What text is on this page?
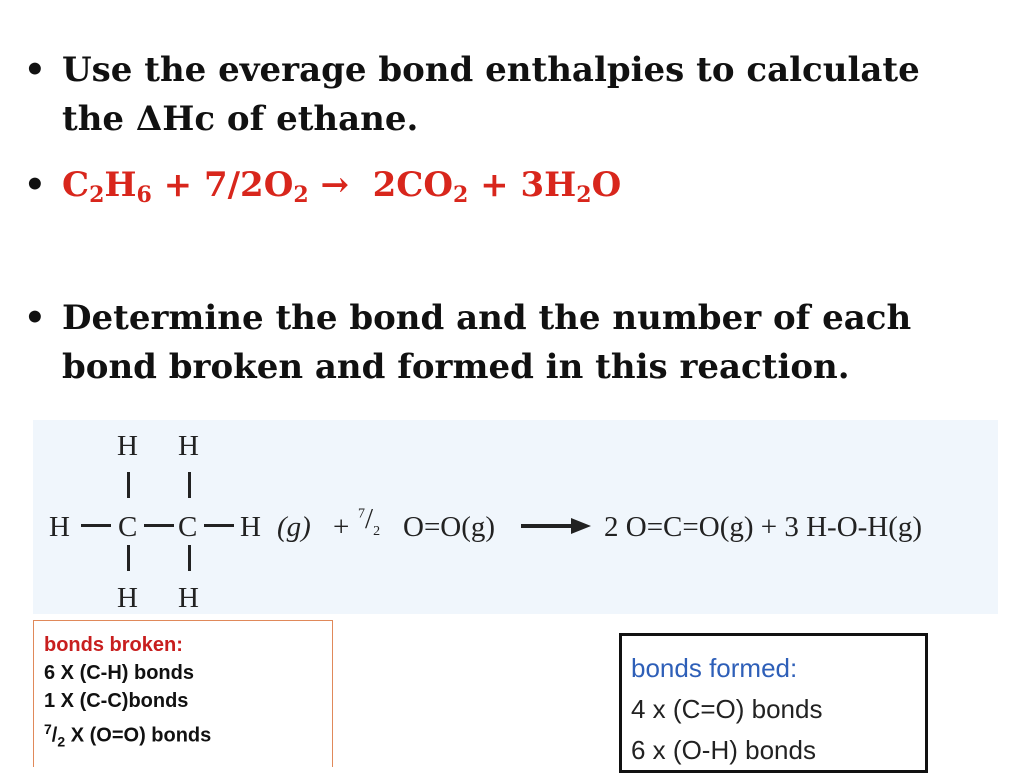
• Use the everage bond enthalpies to calculate
the ΔHc of ethane.
• $C_2H_6 + 7/2O_2 \to 2CO_2 + 3H_2O$
• Determine the bond and the number of each
bond broken and formed in this reaction.
H H
H C C H $(g) + ^7/_2$ O=O(g)	2 O=C=O(g) + 3 H-O-H(g)
H H
bonds broken:
6 X (C-H) bonds
1 X (C-C)bonds
$^7/_2$ X (O=O) bonds
bonds formed:
4 x (C=O) bonds
6 x (O-H) bonds
